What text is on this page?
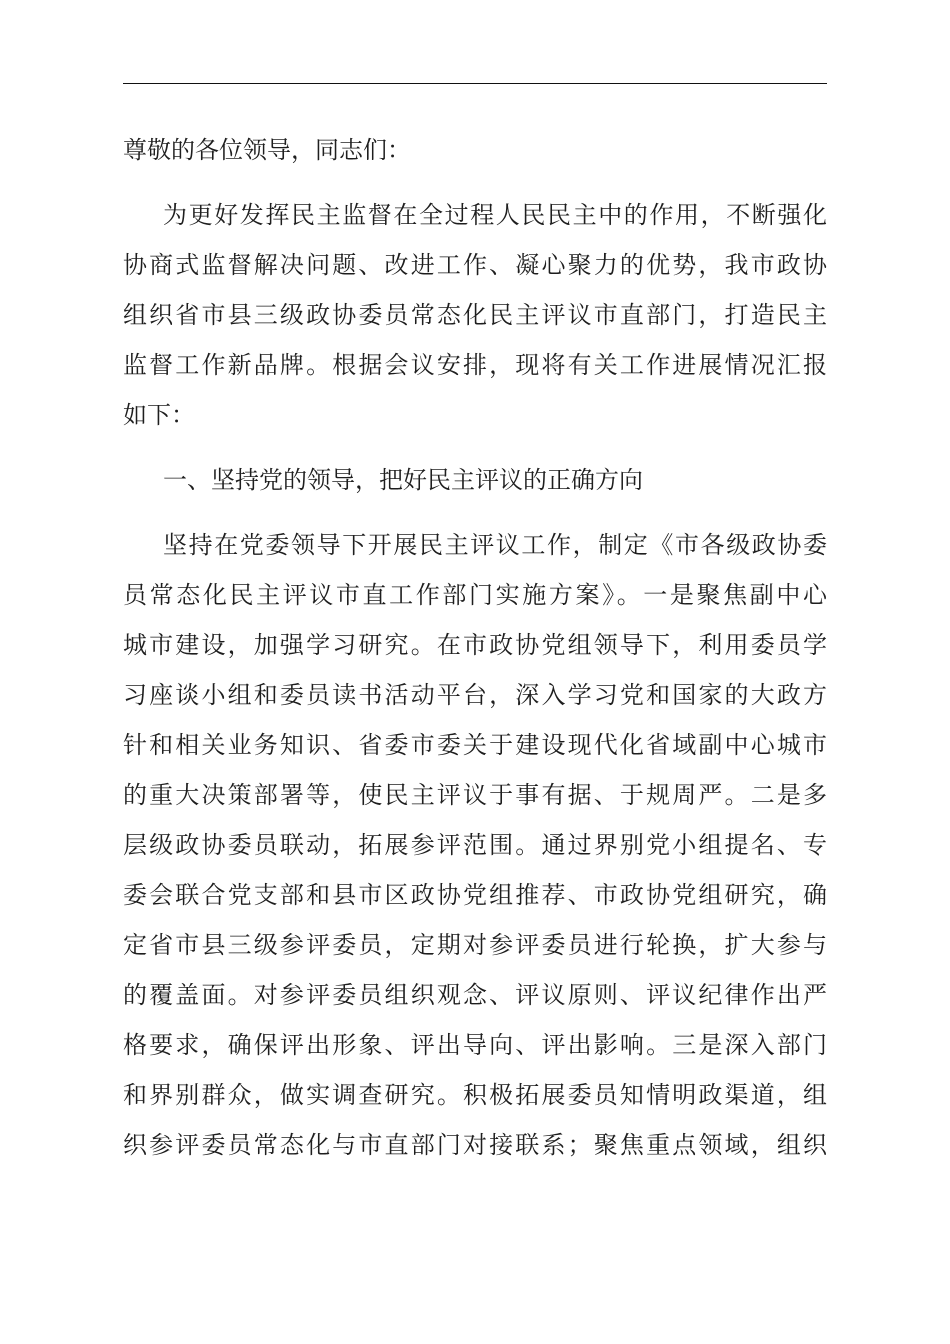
尊敬的各位领导，同志们：
为更好发挥民主监督在全过程人民民主中的作用，不断强化
协商式监督解决问题、改进工作、凝心聚力的优势，我市政协
组织省市县三级政协委员常态化民主评议市直部门，打造民主
监督工作新品牌。根据会议安排，现将有关工作进展情况汇报
如下：
一、坚持党的领导，把好民主评议的正确方向
坚持在党委领导下开展民主评议工作，制定《市各级政协委
员常态化民主评议市直工作部门实施方案》。一是聚焦副中心
城市建设，加强学习研究。在市政协党组领导下，利用委员学
习座谈小组和委员读书活动平台，深入学习党和国家的大政方
针和相关业务知识、省委市委关于建设现代化省域副中心城市
的重大决策部署等，使民主评议于事有据、于规周严。二是多
层级政协委员联动，拓展参评范围。通过界别党小组提名、专
委会联合党支部和县市区政协党组推荐、市政协党组研究，确
定省市县三级参评委员，定期对参评委员进行轮换，扩大参与
的覆盖面。对参评委员组织观念、评议原则、评议纪律作出严
格要求，确保评出形象、评出导向、评出影响。三是深入部门
和界别群众，做实调查研究。积极拓展委员知情明政渠道，组
织参评委员常态化与市直部门对接联系；聚焦重点领域，组织
